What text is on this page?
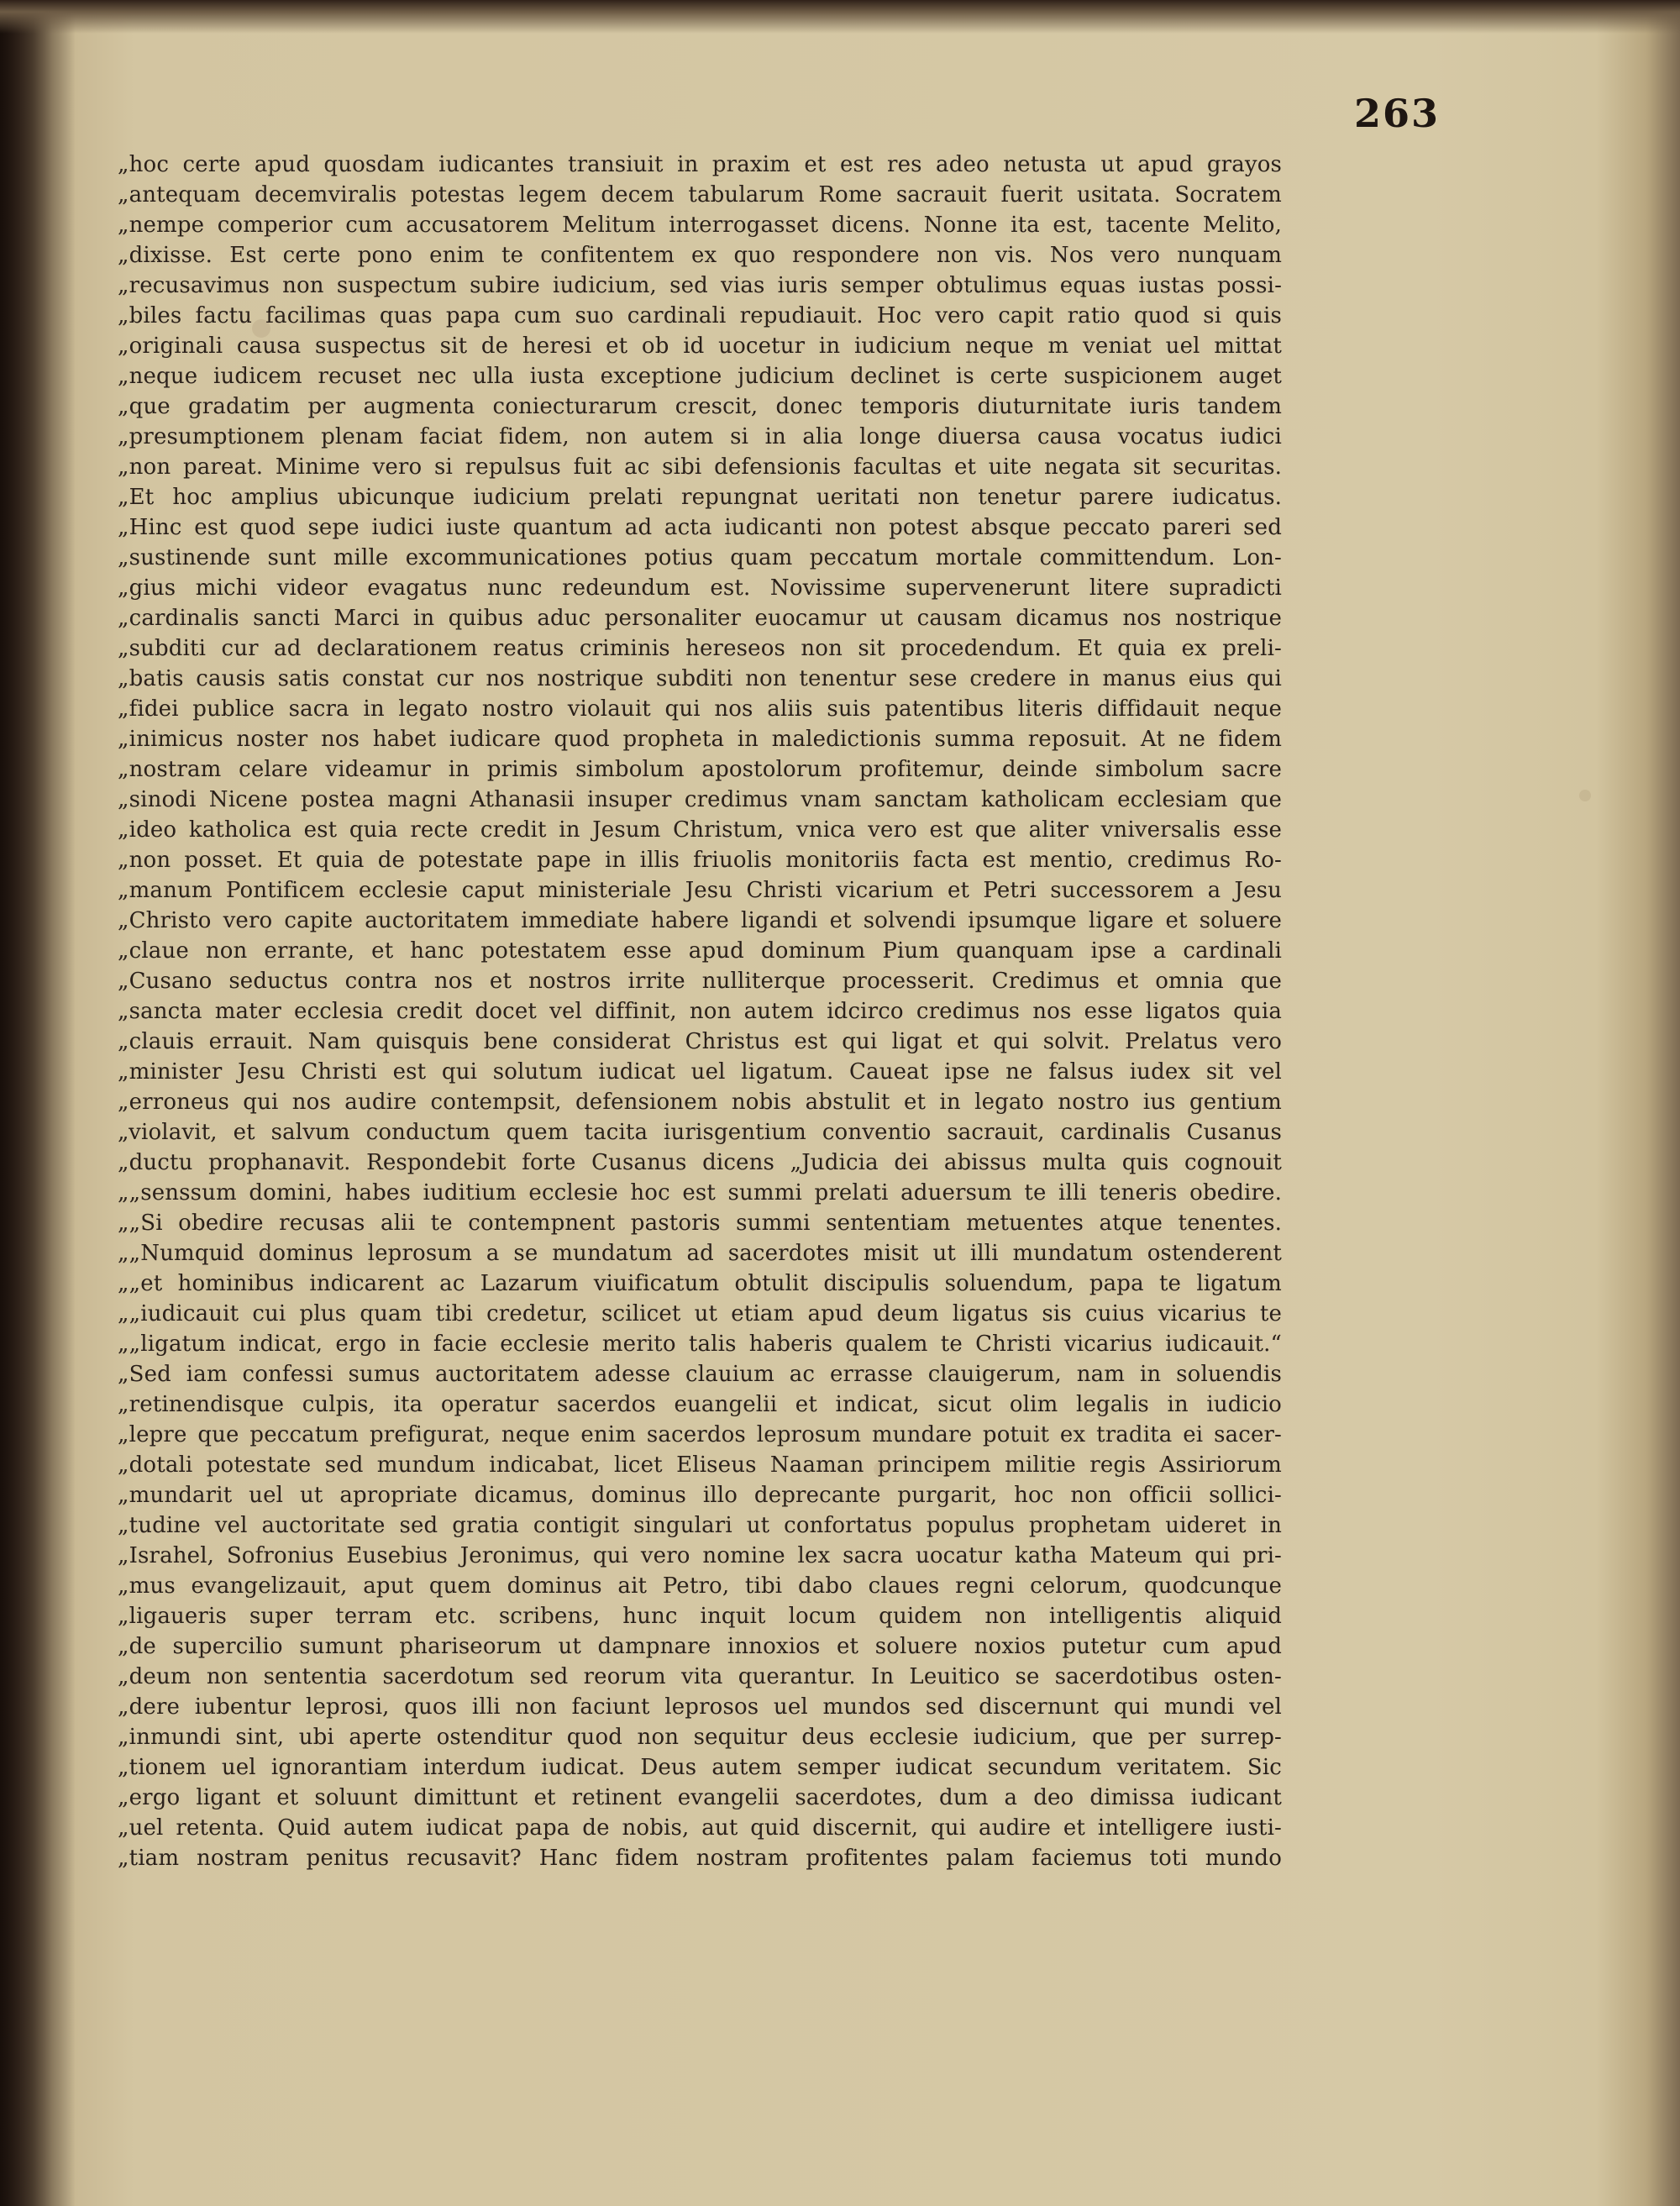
263
„hoc certe apud quosdam iudicantes transiuit in praxim et est res adeo netusta ut apud grayos
„antequam decemviralis potestas legem decem tabularum Rome sacrauit fuerit usitata. Socratem
„nempe comperior cum accusatorem Melitum interrogasset dicens. Nonne ita est, tacente Melito,
„dixisse. Est certe pono enim te confitentem ex quo respondere non vis. Nos vero nunquam
„recusavimus non suspectum subire iudicium, sed vias iuris semper obtulimus equas iustas possi-
„biles factu facilimas quas papa cum suo cardinali repudiauit. Hoc vero capit ratio quod si quis
„originali causa suspectus sit de heresi et ob id uocetur in iudicium neque m veniat uel mittat
„neque iudicem recuset nec ulla iusta exceptione judicium declinet is certe suspicionem auget
„que gradatim per augmenta coniecturarum crescit, donec temporis diuturnitate iuris tandem
„presumptionem plenam faciat fidem, non autem si in alia longe diuersa causa vocatus iudici
„non pareat. Minime vero si repulsus fuit ac sibi defensionis facultas et uite negata sit securitas.
„Et hoc amplius ubicunque iudicium prelati repungnat ueritati non tenetur parere iudicatus.
„Hinc est quod sepe iudici iuste quantum ad acta iudicanti non potest absque peccato pareri sed
„sustinende sunt mille excommunicationes potius quam peccatum mortale committendum. Lon-
„gius michi videor evagatus nunc redeundum est. Novissime supervenerunt litere supradicti
„cardinalis sancti Marci in quibus aduc personaliter euocamur ut causam dicamus nos nostrique
„subditi cur ad declarationem reatus criminis hereseos non sit procedendum. Et quia ex preli-
„batis causis satis constat cur nos nostrique subditi non tenentur sese credere in manus eius qui
„fidei publice sacra in legato nostro violauit qui nos aliis suis patentibus literis diffidauit neque
„inimicus noster nos habet iudicare quod propheta in maledictionis summa reposuit. At ne fidem
„nostram celare videamur in primis simbolum apostolorum profitemur, deinde simbolum sacre
„sinodi Nicene postea magni Athanasii insuper credimus vnam sanctam katholicam ecclesiam que
„ideo katholica est quia recte credit in Jesum Christum, vnica vero est que aliter vniversalis esse
„non posset. Et quia de potestate pape in illis friuolis monitoriis facta est mentio, credimus Ro-
„manum Pontificem ecclesie caput ministeriale Jesu Christi vicarium et Petri successorem a Jesu
„Christo vero capite auctoritatem immediate habere ligandi et solvendi ipsumque ligare et soluere
„claue non errante, et hanc potestatem esse apud dominum Pium quanquam ipse a cardinali
„Cusano seductus contra nos et nostros irrite nulliterque processerit. Credimus et omnia que
„sancta mater ecclesia credit docet vel diffinit, non autem idcirco credimus nos esse ligatos quia
„clauis errauit. Nam quisquis bene considerat Christus est qui ligat et qui solvit. Prelatus vero
„minister Jesu Christi est qui solutum iudicat uel ligatum. Caueat ipse ne falsus iudex sit vel
„erroneus qui nos audire contempsit, defensionem nobis abstulit et in legato nostro ius gentium
„violavit, et salvum conductum quem tacita iurisgentium conventio sacrauit, cardinalis Cusanus
„ductu prophanavit. Respondebit forte Cusanus dicens „Judicia dei abissus multa quis cognouit
„„senssum domini, habes iuditium ecclesie hoc est summi prelati aduersum te illi teneris obedire.
„„Si obedire recusas alii te contempnent pastoris summi sententiam metuentes atque tenentes.
„„Numquid dominus leprosum a se mundatum ad sacerdotes misit ut illi mundatum ostenderent
„„et hominibus indicarent ac Lazarum viuificatum obtulit discipulis soluendum, papa te ligatum
„„iudicauit cui plus quam tibi credetur, scilicet ut etiam apud deum ligatus sis cuius vicarius te
„„ligatum indicat, ergo in facie ecclesie merito talis haberis qualem te Christi vicarius iudicauit.“
„Sed iam confessi sumus auctoritatem adesse clauium ac errasse clauigerum, nam in soluendis
„retinendisque culpis, ita operatur sacerdos euangelii et indicat, sicut olim legalis in iudicio
„lepre que peccatum prefigurat, neque enim sacerdos leprosum mundare potuit ex tradita ei sacer-
„dotali potestate sed mundum indicabat, licet Eliseus Naaman principem militie regis Assiriorum
„mundarit uel ut apropriate dicamus, dominus illo deprecante purgarit, hoc non officii sollici-
„tudine vel auctoritate sed gratia contigit singulari ut confortatus populus prophetam uideret in
„Israhel, Sofronius Eusebius Jeronimus, qui vero nomine lex sacra uocatur katha Mateum qui pri-
„mus evangelizauit, aput quem dominus ait Petro, tibi dabo claues regni celorum, quodcunque
„ligaueris super terram etc. scribens, hunc inquit locum quidem non intelligentis aliquid
„de supercilio sumunt phariseorum ut dampnare innoxios et soluere noxios putetur cum apud
„deum non sententia sacerdotum sed reorum vita querantur. In Leuitico se sacerdotibus osten-
„dere iubentur leprosi, quos illi non faciunt leprosos uel mundos sed discernunt qui mundi vel
„inmundi sint, ubi aperte ostenditur quod non sequitur deus ecclesie iudicium, que per surrep-
„tionem uel ignorantiam interdum iudicat. Deus autem semper iudicat secundum veritatem. Sic
„ergo ligant et soluunt dimittunt et retinent evangelii sacerdotes, dum a deo dimissa iudicant
„uel retenta. Quid autem iudicat papa de nobis, aut quid discernit, qui audire et intelligere iusti-
„tiam nostram penitus recusavit? Hanc fidem nostram profitentes palam faciemus toti mundo
